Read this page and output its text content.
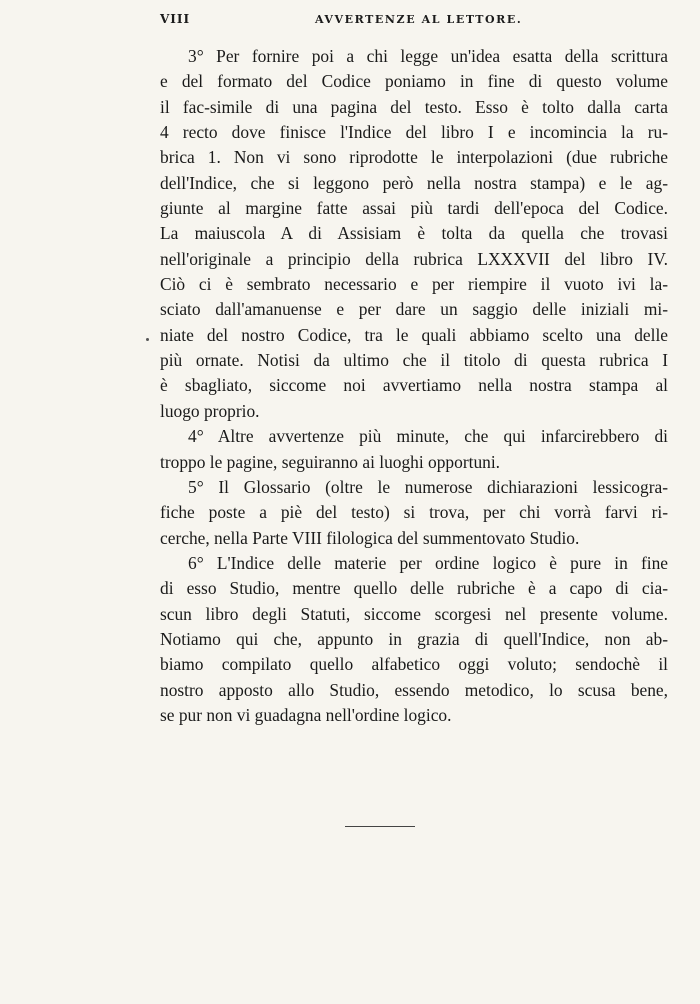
VIII	AVVERTENZE AL LETTORE.
3° Per fornire poi a chi legge un'idea esatta della scrittura
e del formato del Codice poniamo in fine di questo volume
il fac-simile di una pagina del testo. Esso è tolto dalla carta
4 recto dove finisce l'Indice del libro I e incomincia la ru-
brica 1. Non vi sono riprodotte le interpolazioni (due rubriche
dell'Indice, che si leggono però nella nostra stampa) e le ag-
giunte al margine fatte assai più tardi dell'epoca del Codice.
La maiuscola A di Assisiam è tolta da quella che trovasi
nell'originale a principio della rubrica LXXXVII del libro IV.
Ciò ci è sembrato necessario e per riempire il vuoto ivi la-
sciato dall'amanuense e per dare un saggio delle iniziali mi-
niate del nostro Codice, tra le quali abbiamo scelto una delle
più ornate. Notisi da ultimo che il titolo di questa rubrica I
è sbagliato, siccome noi avvertiamo nella nostra stampa al
luogo proprio.
4° Altre avvertenze più minute, che qui infarcirebbero di
troppo le pagine, seguiranno ai luoghi opportuni.
5° Il Glossario (oltre le numerose dichiarazioni lessicogra-
fiche poste a piè del testo) si trova, per chi vorrà farvi ri-
cerche, nella Parte VIII filologica del summentovato Studio.
6° L'Indice delle materie per ordine logico è pure in fine
di esso Studio, mentre quello delle rubriche è a capo di cia-
scun libro degli Statuti, siccome scorgesi nel presente volume.
Notiamo qui che, appunto in grazia di quell'Indice, non ab-
biamo compilato quello alfabetico oggi voluto; sendochè il
nostro apposto allo Studio, essendo metodico, lo scusa bene,
se pur non vi guadagna nell'ordine logico.
